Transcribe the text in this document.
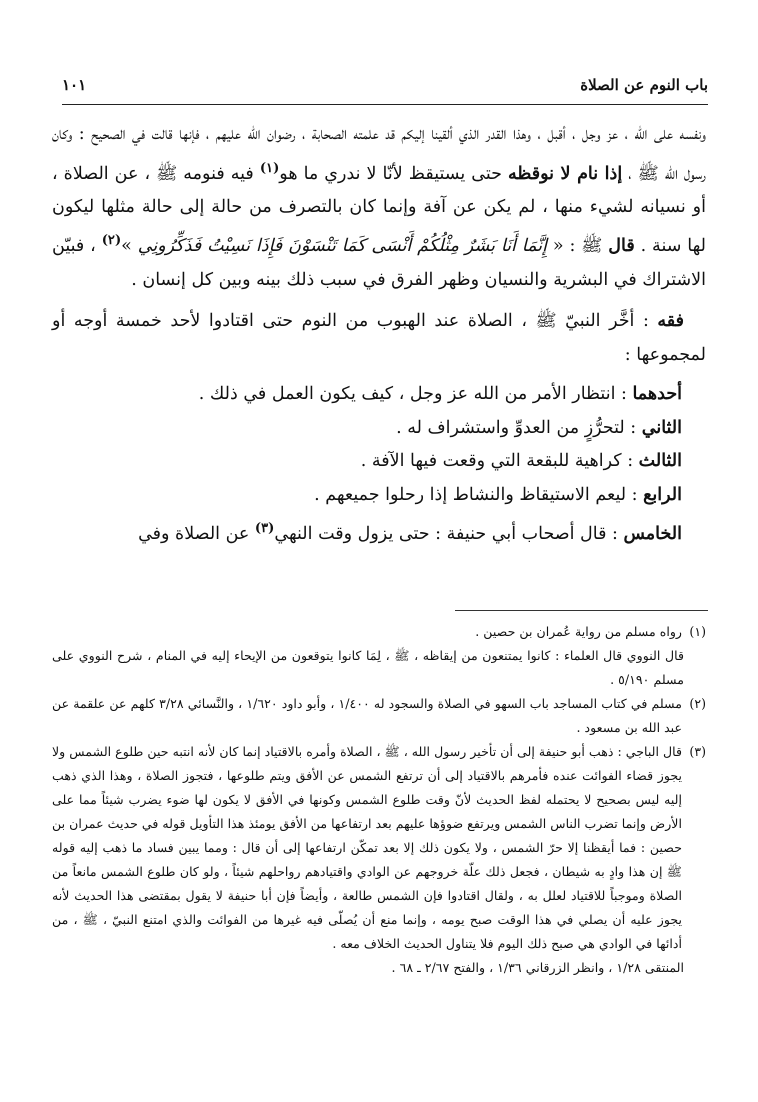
باب النوم عن الصلاة
١٠١

ونفسه على الله ، عز وجل ، أقبل ، وهذا القدر الذي ألقينا إليكم قد علمته الصحابة ، رضوان الله عليهم ، فإنها قالت في الصحيح : وكان رسول الله ﷺ ، إذا نام لا نوقظه حتى يستيقظ لأنّا لا ندري ما هو$^{(١)}$ فيه فنومه ﷺ ، عن الصلاة ، أو نسيانه لشيء منها ، لم يكن عن آفة وإنما كان بالتصرف من حالة إلى حالة مثلها ليكون لها سنة . قال ﷺ : « إِنَّمَا أَنَا بَشَرٌ مِثْلُكُمْ أَنْسَى كَمَا تَنْسَوْنَ فَإِذَا نَسِيْتُ فَذَكِّرُونِي »$^{(٢)}$ ، فبيّن الاشتراك في البشرية والنسيان وظهر الفرق في سبب ذلك بينه وبين كل إنسان .

فقه : أخَّر النبيّ ﷺ ، الصلاة عند الهبوب من النوم حتى اقتادوا لأحد خمسة أوجه أو لمجموعها :

أحدهما : انتظار الأمر من الله عز وجل ، كيف يكون العمل في ذلك .
الثاني : لتحرُّزٍ من العدوِّ واستشراف له .
الثالث : كراهية للبقعة التي وقعت فيها الآفة .
الرابع : ليعم الاستيقاظ والنشاط إذا رحلوا جميعهم .
الخامس : قال أصحاب أبي حنيفة : حتى يزول وقت النهي$^{(٣)}$ عن الصلاة وفي
(١)
رواه مسلم من رواية عُمران بن حصين .

قال النووي قال العلماء : كانوا يمتنعون من إيقاظه ، ﷺ ، لِمَا كانوا يتوقعون من الإيحاء إليه في المنام ، شرح النووي على مسلم ٥/١٩٠ .

(٢)
مسلم في كتاب المساجد باب السهو في الصلاة والسجود له ١/٤٠٠ ، وأبو داود ١/٦٢٠ ، والنَّسائي ٣/٢٨ كلهم عن علقمة عن عبد الله بن مسعود .
(٣)
قال الباجي : ذهب أبو حنيفة إلى أن تأخير رسول الله ، ﷺ ، الصلاة وأمره بالاقتياد إنما كان لأنه انتبه حين طلوع الشمس ولا يجوز قضاء الفوائت عنده فأمرهم بالاقتياد إلى أن ترتفع الشمس عن الأفق ويتم طلوعها ، فتجوز الصلاة ، وهذا الذي ذهب إليه ليس بصحيح لا يحتمله لفظ الحديث لأنّ وقت طلوع الشمس وكونها في الأفق لا يكون لها ضوء يضرب شيئاً مما على الأرض وإنما تضرب الناس الشمس ويرتفع ضوؤها عليهم بعد ارتفاعها من الأفق يومئذ هذا التأويل قوله في حديث عمران بن حصين : فما أيقظنا إلا حرّ الشمس ، ولا يكون ذلك إلا بعد تمكّن ارتفاعها إلى أن قال : ومما يبين فساد ما ذهب إليه قوله ﷺ إن هذا وادٍ به شيطان ، فجعل ذلك علّة خروجهم عن الوادي واقتيادهم رواحلهم شيئاً ، ولو كان طلوع الشمس مانعاً من الصلاة وموجباً للاقتياد لعلل به ، ولقال اقتادوا فإن الشمس طالعة ، وأيضاً فإن أبا حنيفة لا يقول بمقتضى هذا الحديث لأنه يجوز عليه أن يصلي في هذا الوقت صبح يومه ، وإنما منع أن يُصلّى فيه غيرها من الفوائت والذي امتنع النبيّ ، ﷺ ، من أدائها في الوادي هي صبح ذلك اليوم فلا يتناول الحديث الخلاف معه .

المنتقى ١/٢٨ ، وانظر الزرقاني ١/٣٦ ، والفتح ٢/٦٧ ـ ٦٨ .
